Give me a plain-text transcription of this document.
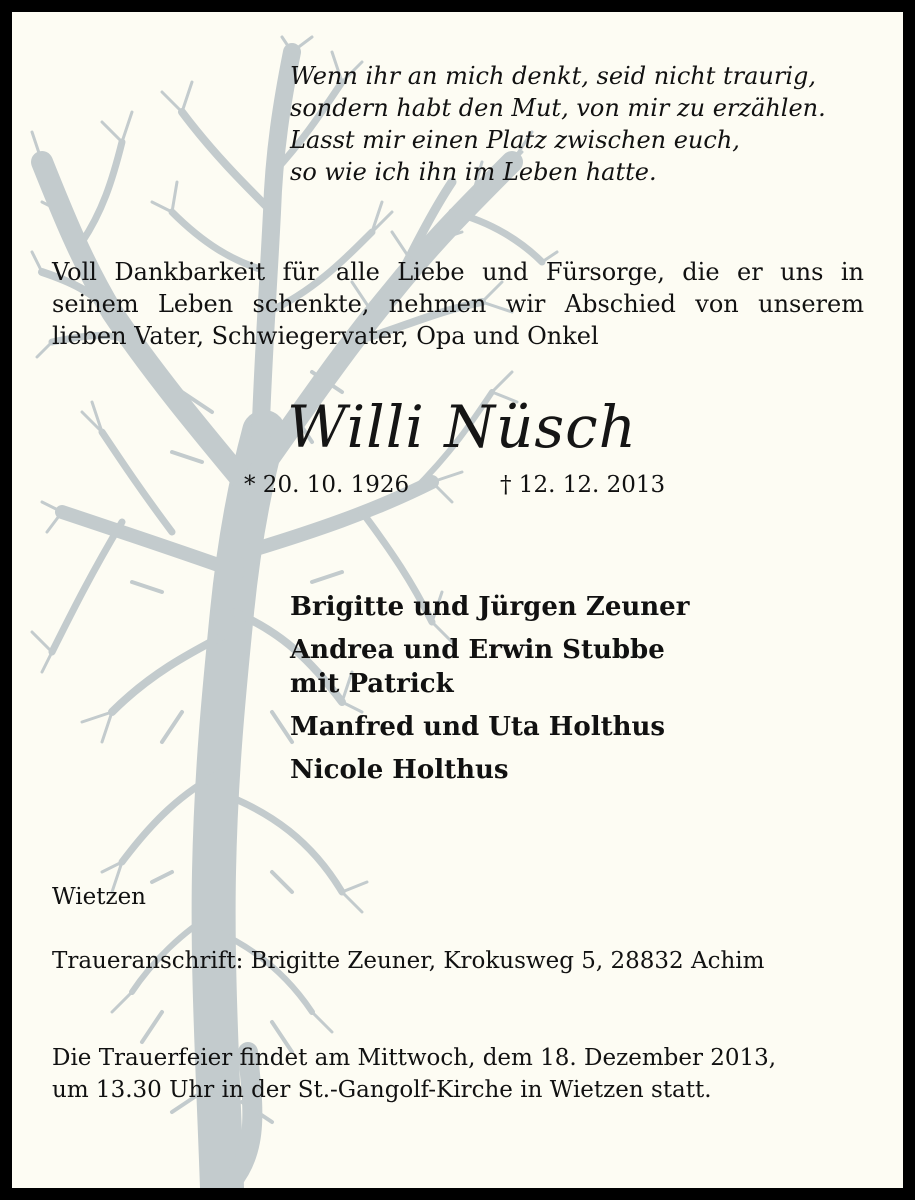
Wenn ihr an mich denkt, seid nicht traurig,
sondern habt den Mut, von mir zu erzählen.
Lasst mir einen Platz zwischen euch,
so wie ich ihn im Leben hatte.
Voll Dankbarkeit für alle Liebe und Fürsorge, die er uns in
seinem Leben schenkte, nehmen wir Abschied von unserem
lieben Vater, Schwiegervater, Opa und Onkel
Willi Nüsch
* 20. 10. 1926	† 12. 12. 2013
Brigitte und Jürgen Zeuner
Andrea und Erwin Stubbe
mit Patrick
Manfred und Uta Holthus
Nicole Holthus
Wietzen
Traueranschrift: Brigitte Zeuner, Krokusweg 5, 28832 Achim
Die Trauerfeier findet am Mittwoch, dem 18. Dezember 2013,
um 13.30 Uhr in der St.-Gangolf-Kirche in Wietzen statt.
